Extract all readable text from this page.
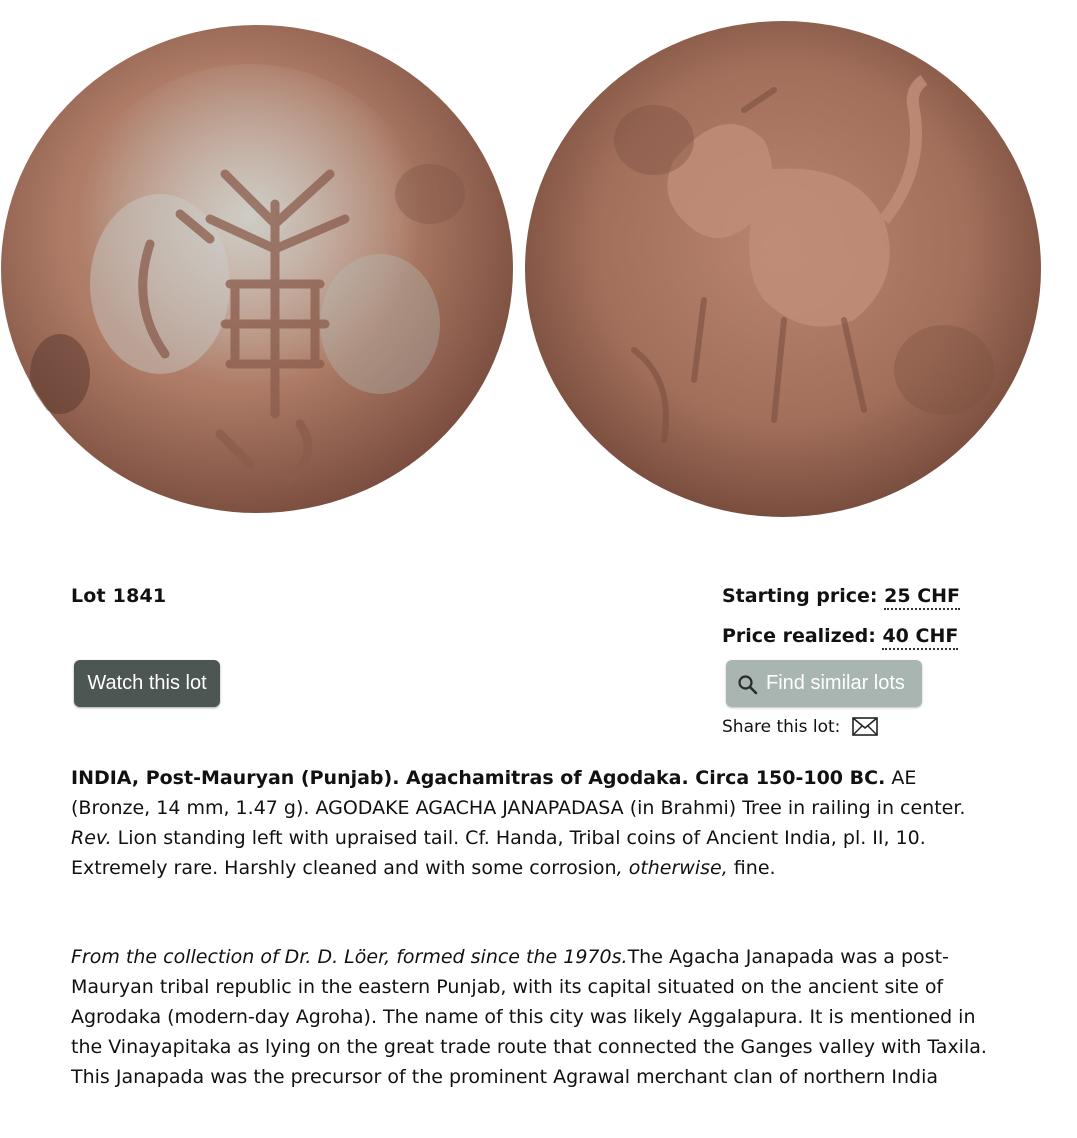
Lot 1841	Starting price: 25 CHF
Price realized: 40 CHF
Watch this lot	Find similar lots
Share this lot:

INDIA, Post-Mauryan (Punjab). Agachamitras of Agodaka. Circa 150-100 BC. AE (Bronze, 14 mm, 1.47 g). AGODAKE AGACHA JANAPADASA (in Brahmi) Tree in railing in center. Rev. Lion standing left with upraised tail. Cf. Handa, Tribal coins of Ancient India, pl. II, 10. Extremely rare. Harshly cleaned and with some corrosion, otherwise, fine.

From the collection of Dr. D. Löer, formed since the 1970s.The Agacha Janapada was a post-Mauryan tribal republic in the eastern Punjab, with its capital situated on the ancient site of Agrodaka (modern-day Agroha). The name of this city was likely Aggalapura. It is mentioned in the Vinayapitaka as lying on the great trade route that connected the Ganges valley with Taxila. This Janapada was the precursor of the prominent Agrawal merchant clan of northern India
